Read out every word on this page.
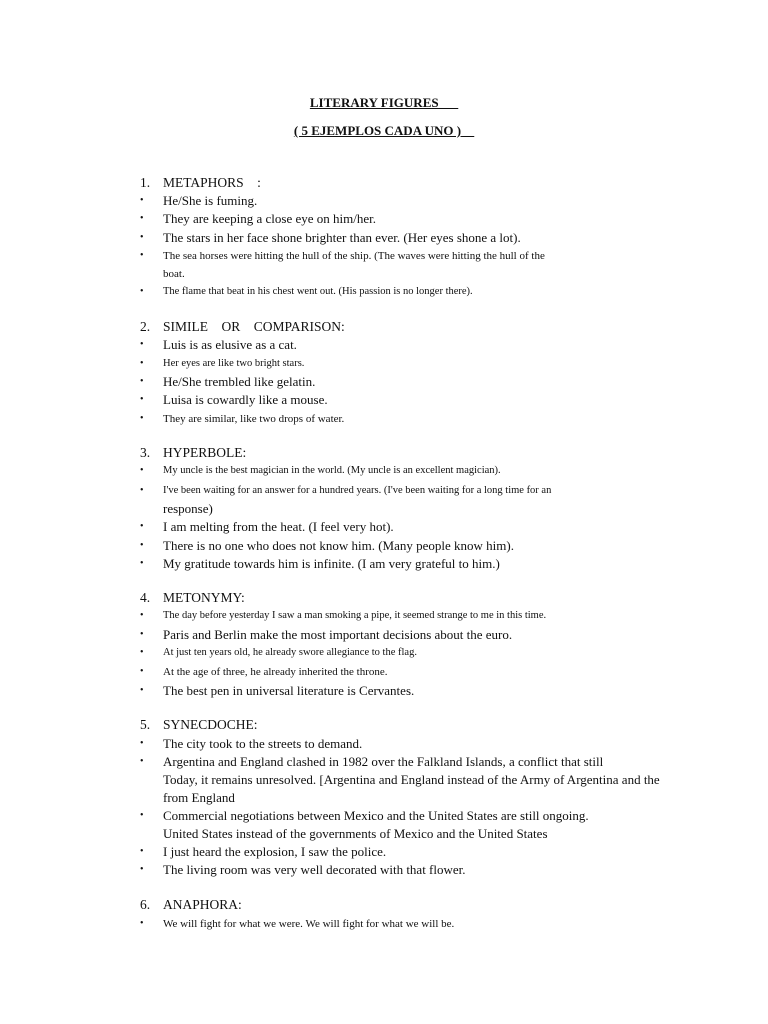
LITERARY FIGURES___
( 5 EJEMPLOS CADA UNO )__
1. METAPHORS    :
• He/She is fuming.
• They are keeping a close eye on him/her.
• The stars in her face shone brighter than ever. (Her eyes shone a lot).
• The sea horses were hitting the hull of the ship. (The waves were hitting the hull of the
boat.
• The flame that beat in his chest went out. (His passion is no longer there).
2. SIMILE    OR    COMPARISON:
• Luis is as elusive as a cat.
• Her eyes are like two bright stars.
• He/She trembled like gelatin.
• Luisa is cowardly like a mouse.
• They are similar, like two drops of water.
3. HYPERBOLE:
• My uncle is the best magician in the world. (My uncle is an excellent magician).
• I've been waiting for an answer for a hundred years. (I've been waiting for a long time for an
response)
• I am melting from the heat. (I feel very hot).
• There is no one who does not know him. (Many people know him).
• My gratitude towards him is infinite. (I am very grateful to him.)
4. METONYMY:
• The day before yesterday I saw a man smoking a pipe, it seemed strange to me in this time.
• Paris and Berlin make the most important decisions about the euro.
• At just ten years old, he already swore allegiance to the flag.
• At the age of three, he already inherited the throne.
• The best pen in universal literature is Cervantes.
5. SYNECDOCHE:
• The city took to the streets to demand.
• Argentina and England clashed in 1982 over the Falkland Islands, a conflict that still
Today, it remains unresolved. [Argentina and England instead of the Army of Argentina and the
from England
• Commercial negotiations between Mexico and the United States are still ongoing.
United States instead of the governments of Mexico and the United States
• I just heard the explosion, I saw the police.
• The living room was very well decorated with that flower.
6. ANAPHORA:
• We will fight for what we were. We will fight for what we will be.
